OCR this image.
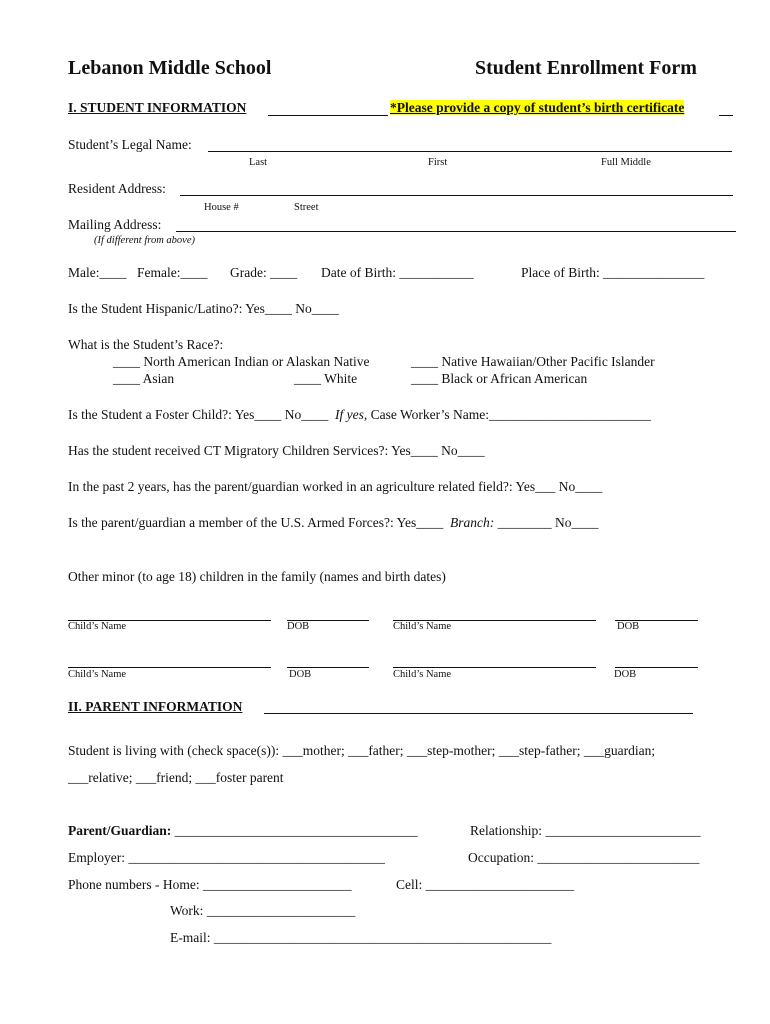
Lebanon Middle School	Student Enrollment Form
I. STUDENT INFORMATION	*Please provide a copy of student’s birth certificate
Student’s Legal Name:
Last	First	Full Middle
Resident Address:
House #	Street
Mailing Address:
(If different from above)
Male:____ Female:____ Grade: ____ Date of Birth: ___________	Place of Birth: _______________
Is the Student Hispanic/Latino?: Yes____ No____
What is the Student’s Race?:
____ North American Indian or Alaskan Native	____ Native Hawaiian/Other Pacific Islander
____ Asian	____ White	____ Black or African American
Is the Student a Foster Child?: Yes____ No____ If yes, Case Worker’s Name:________________________
Has the student received CT Migratory Children Services?: Yes____ No____
In the past 2 years, has the parent/guardian worked in an agriculture related field?: Yes___ No____
Is the parent/guardian a member of the U.S. Armed Forces?: Yes____ Branch: ________ No____
Other minor (to age 18) children in the family (names and birth dates)
Child’s Name	DOB	Child’s Name	DOB
Child’s Name	DOB	Child’s Name	DOB
II. PARENT INFORMATION
Student is living with (check space(s)): ___mother; ___father; ___step-mother; ___step-father; ___guardian;
___relative; ___friend; ___foster parent
Parent/Guardian: ____________________________________	Relationship: _______________________
Employer: ______________________________________	Occupation: ________________________
Phone numbers - Home: ______________________	Cell: ______________________
Work: ______________________
E-mail: __________________________________________________
